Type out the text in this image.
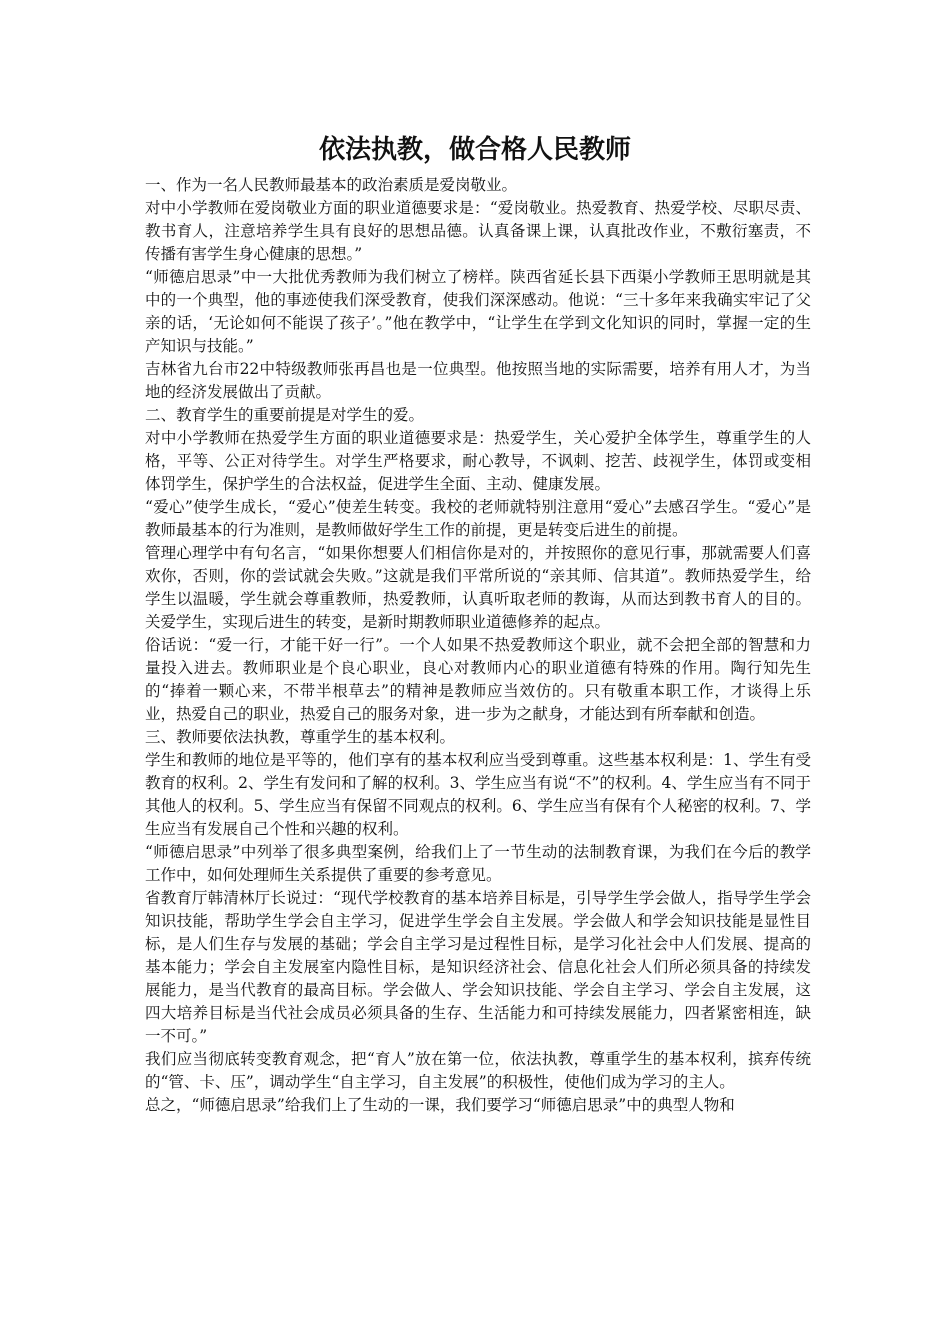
依法执教，做合格人民教师

一、作为一名人民教师最基本的政治素质是爱岗敬业。

对中小学教师在爱岗敬业方面的职业道德要求是：“爱岗敬业。热爱教育、热爱学校、尽职尽责、教书育人，注意培养学生具有良好的思想品德。认真备课上课，认真批改作业，不敷衍塞责，不传播有害学生身心健康的思想。”

“师德启思录”中一大批优秀教师为我们树立了榜样。陕西省延长县下西渠小学教师王思明就是其中的一个典型，他的事迹使我们深受教育，使我们深深感动。他说：“三十多年来我确实牢记了父亲的话，‘无论如何不能误了孩子’。”他在教学中，“让学生在学到文化知识的同时，掌握一定的生产知识与技能。”

吉林省九台市22中特级教师张再昌也是一位典型。他按照当地的实际需要，培养有用人才，为当地的经济发展做出了贡献。

二、教育学生的重要前提是对学生的爱。

对中小学教师在热爱学生方面的职业道德要求是：热爱学生，关心爱护全体学生，尊重学生的人格，平等、公正对待学生。对学生严格要求，耐心教导，不讽刺、挖苦、歧视学生，体罚或变相体罚学生，保护学生的合法权益，促进学生全面、主动、健康发展。

“爱心”使学生成长，“爱心”使差生转变。我校的老师就特别注意用“爱心”去感召学生。“爱心”是教师最基本的行为准则，是教师做好学生工作的前提，更是转变后进生的前提。

管理心理学中有句名言，“如果你想要人们相信你是对的，并按照你的意见行事，那就需要人们喜欢你，否则，你的尝试就会失败。”这就是我们平常所说的“亲其师、信其道”。教师热爱学生，给学生以温暖，学生就会尊重教师，热爱教师，认真听取老师的教诲，从而达到教书育人的目的。关爱学生，实现后进生的转变，是新时期教师职业道德修养的起点。

俗话说：“爱一行，才能干好一行”。一个人如果不热爱教师这个职业，就不会把全部的智慧和力量投入进去。教师职业是个良心职业，良心对教师内心的职业道德有特殊的作用。陶行知先生的“捧着一颗心来，不带半根草去”的精神是教师应当效仿的。只有敬重本职工作，才谈得上乐业，热爱自己的职业，热爱自己的服务对象，进一步为之献身，才能达到有所奉献和创造。

三、教师要依法执教，尊重学生的基本权利。

学生和教师的地位是平等的，他们享有的基本权利应当受到尊重。这些基本权利是：1、学生有受教育的权利。2、学生有发问和了解的权利。3、学生应当有说“不”的权利。4、学生应当有不同于其他人的权利。5、学生应当有保留不同观点的权利。6、学生应当有保有个人秘密的权利。7、学生应当有发展自己个性和兴趣的权利。

“师德启思录”中列举了很多典型案例，给我们上了一节生动的法制教育课，为我们在今后的教学工作中，如何处理师生关系提供了重要的参考意见。

省教育厅韩清林厅长说过：“现代学校教育的基本培养目标是，引导学生学会做人，指导学生学会知识技能，帮助学生学会自主学习，促进学生学会自主发展。学会做人和学会知识技能是显性目标，是人们生存与发展的基础；学会自主学习是过程性目标，是学习化社会中人们发展、提高的基本能力；学会自主发展室内隐性目标，是知识经济社会、信息化社会人们所必须具备的持续发展能力，是当代教育的最高目标。学会做人、学会知识技能、学会自主学习、学会自主发展，这四大培养目标是当代社会成员必须具备的生存、生活能力和可持续发展能力，四者紧密相连，缺一不可。”

我们应当彻底转变教育观念，把“育人”放在第一位，依法执教，尊重学生的基本权利，摈弃传统的“管、卡、压”，调动学生“自主学习，自主发展”的积极性，使他们成为学习的主人。

总之，“师德启思录”给我们上了生动的一课，我们要学习“师德启思录”中的典型人物和
